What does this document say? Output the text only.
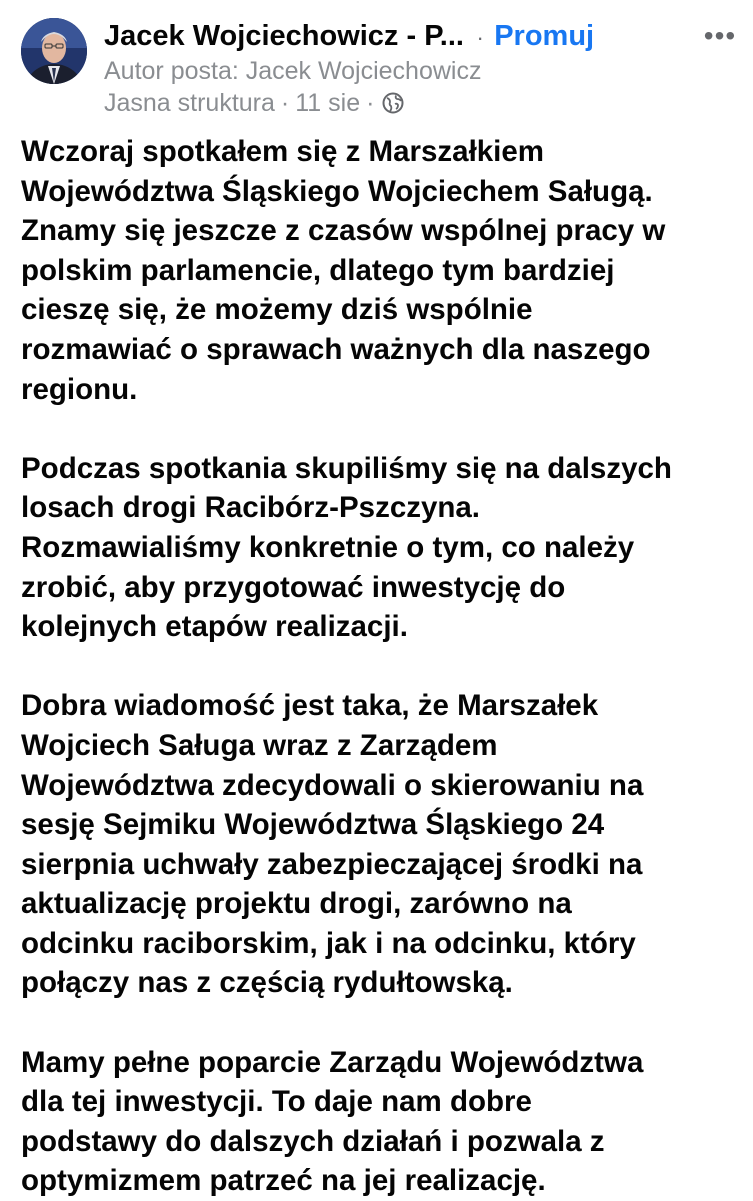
Jacek Wojciechowicz - P... · Promuj	•••
Autor posta: Jacek Wojciechowicz
Jasna struktura · 11 sie ·

Wczoraj spotkałem się z Marszałkiem
Województwa Śląskiego Wojciechem Saługą.
Znamy się jeszcze z czasów wspólnej pracy w
polskim parlamencie, dlatego tym bardziej
cieszę się, że możemy dziś wspólnie
rozmawiać o sprawach ważnych dla naszego
regionu.

Podczas spotkania skupiliśmy się na dalszych
losach drogi Racibórz-Pszczyna.
Rozmawialiśmy konkretnie o tym, co należy
zrobić, aby przygotować inwestycję do
kolejnych etapów realizacji.

Dobra wiadomość jest taka, że Marszałek
Wojciech Saługa wraz z Zarządem
Województwa zdecydowali o skierowaniu na
sesję Sejmiku Województwa Śląskiego 24
sierpnia uchwały zabezpieczającej środki na
aktualizację projektu drogi, zarówno na
odcinku raciborskim, jak i na odcinku, który
połączy nas z częścią rydułtowską.

Mamy pełne poparcie Zarządu Województwa
dla tej inwestycji. To daje nam dobre
podstawy do dalszych działań i pozwala z
optymizmem patrzeć na jej realizację.
